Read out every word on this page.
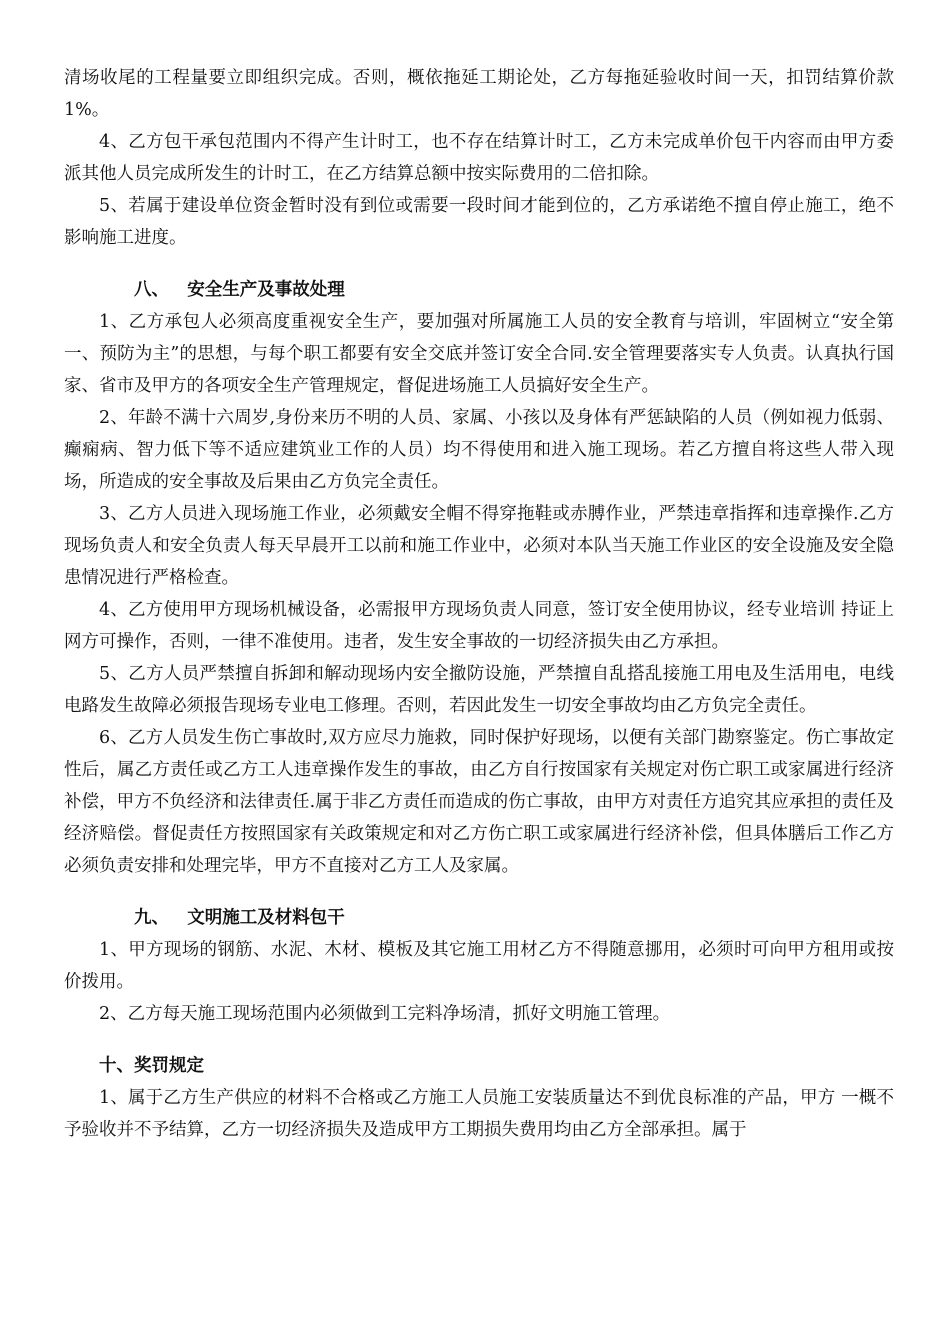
清场收尾的工程量要立即组织完成。否则，概依拖延工期论处，乙方每拖延验收时间一天，扣罚结算价款 1%。

4、乙方包干承包范围内不得产生计时工，也不存在结算计时工，乙方未完成单价包干内容而由甲方委派其他人员完成所发生的计时工，在乙方结算总额中按实际费用的二倍扣除。

5、若属于建设单位资金暂时没有到位或需要一段时间才能到位的，乙方承诺绝不擅自停止施工，绝不影响施工进度。

八、 安全生产及事故处理

1、乙方承包人必须高度重视安全生产，要加强对所属施工人员的安全教育与培训，牢固树立“安全第一、预防为主”的思想，与每个职工都要有安全交底并签订安全合同.安全管理要落实专人负责。认真执行国家、省市及甲方的各项安全生产管理规定，督促进场施工人员搞好安全生产。

2、年龄不满十六周岁,身份来历不明的人员、家属、小孩以及身体有严惩缺陷的人员（例如视力低弱、癫痫病、智力低下等不适应建筑业工作的人员）均不得使用和进入施工现场。若乙方擅自将这些人带入现场，所造成的安全事故及后果由乙方负完全责任。

3、乙方人员进入现场施工作业，必须戴安全帽不得穿拖鞋或赤膊作业，严禁违章指挥和违章操作.乙方现场负责人和安全负责人每天早晨开工以前和施工作业中，必须对本队当天施工作业区的安全设施及安全隐患情况进行严格检查。

4、乙方使用甲方现场机械设备，必需报甲方现场负责人同意，签订安全使用协议，经专业培训 持证上网方可操作，否则，一律不准使用。违者，发生安全事故的一切经济损失由乙方承担。

5、乙方人员严禁擅自拆卸和解动现场内安全撤防设施，严禁擅自乱搭乱接施工用电及生活用电，电线电路发生故障必须报告现场专业电工修理。否则，若因此发生一切安全事故均由乙方负完全责任。

6、乙方人员发生伤亡事故时,双方应尽力施救，同时保护好现场，以便有关部门勘察鉴定。伤亡事故定性后，属乙方责任或乙方工人违章操作发生的事故，由乙方自行按国家有关规定对伤亡职工或家属进行经济补偿，甲方不负经济和法律责任.属于非乙方责任而造成的伤亡事故，由甲方对责任方追究其应承担的责任及经济赔偿。督促责任方按照国家有关政策规定和对乙方伤亡职工或家属进行经济补偿，但具体膳后工作乙方必须负责安排和处理完毕，甲方不直接对乙方工人及家属。

九、 文明施工及材料包干

1、甲方现场的钢筋、水泥、木材、模板及其它施工用材乙方不得随意挪用，必须时可向甲方租用或按价拨用。

2、乙方每天施工现场范围内必须做到工完料净场清，抓好文明施工管理。

十、奖罚规定

1、属于乙方生产供应的材料不合格或乙方施工人员施工安装质量达不到优良标准的产品，甲方 一概不予验收并不予结算，乙方一切经济损失及造成甲方工期损失费用均由乙方全部承担。属于
